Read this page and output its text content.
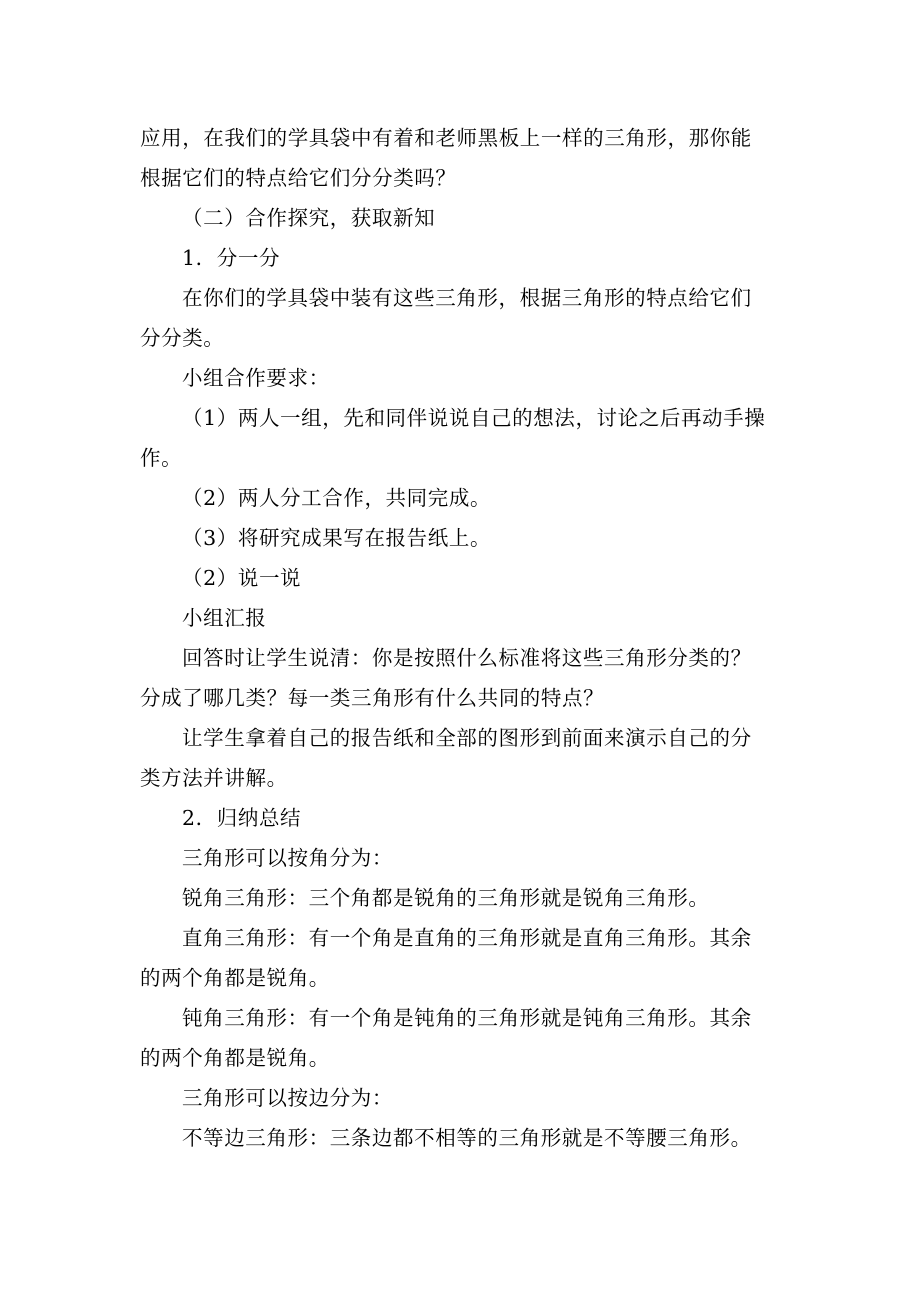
应用，在我们的学具袋中有着和老师黑板上一样的三角形，那你能
根据它们的特点给它们分分类吗？
（二）合作探究，获取新知
1．分一分
在你们的学具袋中装有这些三角形，根据三角形的特点给它们
分分类。
小组合作要求：
（1）两人一组，先和同伴说说自己的想法，讨论之后再动手操
作。
（2）两人分工合作，共同完成。
（3）将研究成果写在报告纸上。
（2）说一说
小组汇报
回答时让学生说清：你是按照什么标准将这些三角形分类的？
分成了哪几类？每一类三角形有什么共同的特点？
让学生拿着自己的报告纸和全部的图形到前面来演示自己的分
类方法并讲解。
2．归纳总结
三角形可以按角分为：
锐角三角形：三个角都是锐角的三角形就是锐角三角形。
直角三角形：有一个角是直角的三角形就是直角三角形。其余
的两个角都是锐角。
钝角三角形：有一个角是钝角的三角形就是钝角三角形。其余
的两个角都是锐角。
三角形可以按边分为：
不等边三角形：三条边都不相等的三角形就是不等腰三角形。
